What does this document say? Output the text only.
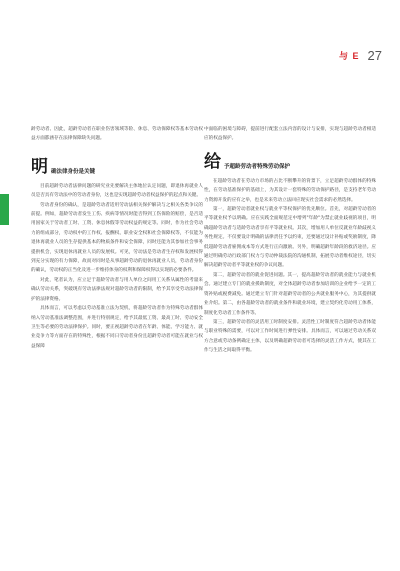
与 E 27

龄劳动者、因此，超龄劳动者在职业伤害领域等险、休息、劳动保障权等基本劳动权益方面都涵存在法律保障缺失问题。

明 确法律身份是关键

目前超龄劳动者法律问题的研究业先要解决主体地位认定问题，即退休再就业人员是否具有劳动法中的劳动者身份，这也是实现超龄劳动者权益保护的起点和关键。

劳动者身份的确认，是超龄劳动者适用劳动法相关保护解决与之相关各类争议的前提。例如，超龄劳动者发生工伤、疾病等情况时能否得到工伤保险的赔偿，是否适用国家关于劳动者工时、工资、休息休假等劳动权益的规定等。同时，作为社会劳动力的组成部分，劳动权中的工作权、报酬权、职业安全权和社会保障权等，不仅能为退休再就业人员的生存提供基本的物质条件和安全保障，同时还能为其参加社会事务提供机会，实现退休再就业人员的发展权。可见，劳动法是劳动者生存权和发展权得到充分实现的有力保障，故而对同时是从事超龄劳动的退休再就业人员，劳动者身份的确认，劳动权的正当化及进一步维持体身的权利和保障权得以实现的必要条件。

对此，笔者认为，应立足于超龄劳动者与用人单位之间用工关系从属性的考量来确认劳动关系，突破现有劳动法律法规对超龄劳动者的限制，给予其享受劳动法律保护的法律资格。

具体而言，可以考虑以劳动基准立法为契机，将超龄劳动者作为特殊劳动者群体纳入劳动基准法调整范围，并进行特别规定，给予其最低工资、最高工时、劳动安全卫生等必要的劳动法律保护。同时，要正视超龄劳动者在年龄、体能、学习能力、就业竞争力等方面存在的特殊性，根据不同日劳动者身份且超龄劳动者可能在就业与权益保障

中面临的困境与障碍，提前进行配套立法内容的设计与安排，实现与超龄劳动者相适应的权益保护。

给 予超龄劳动者特殊劳动保护

在超龄劳动者在劳动力市场的占比不断攀升的背景下，立足超龄劳动群体的特殊性，在劳动基准保护的基础上，为其设计一套特殊的劳动保护路径，是支持老年劳动力资源开发的应有之举，也是未来劳动立法回应现实社会需求的必然选择。

第一，超龄劳动者就业权与就业平等权保护的优先顺位。首先，对超龄劳动者的平等就业权予以明确。应在实践全面规范定中增列"年龄"为禁止就业歧视的项目，明确超龄劳动者与适龄劳动者享有平等就业权。其次，增加用人单位反就业年龄歧视义务性规定。不仅要设计明确的法律责任予以约束，还要通过设计补贴或奖励制度，降低超龄劳动者雇佣成本等方式进行正向激励。另外，明确超龄年龄段的救济途径。应通过明确劳动行政部门权力与劳动仲裁法院的沟通机制，拓展劳动者维权途径，切实解决超龄劳动者平等就业权的争议问题。

第二，超龄劳动者的就业促进问题。其一，提高超龄劳动者的就业能力与就业机会。通过建立专门的就业援助制度，对全体超龄劳动者参加培训的企业给予一定的工资补贴或税费减免。通过建立专门针对超龄劳动者的公共就业服务中心，为其提供就业介绍。第二，由各超龄劳动者的就业条件和就业环境，建立契约化劳动用工体系，制度化劳动者工作条件等。

第三，超龄劳动者的灵活用工时制度安排。灵活性工时制度符合超龄劳动者体能与职业特殊的需要，可以对工作时间进行弹性安排。具体而言，可以通过劳动关系双方合意或劳动条例确定主体，以及明确超龄劳动者可选择的灵活工作方式，使其在工作与生活之间取得平衡。
